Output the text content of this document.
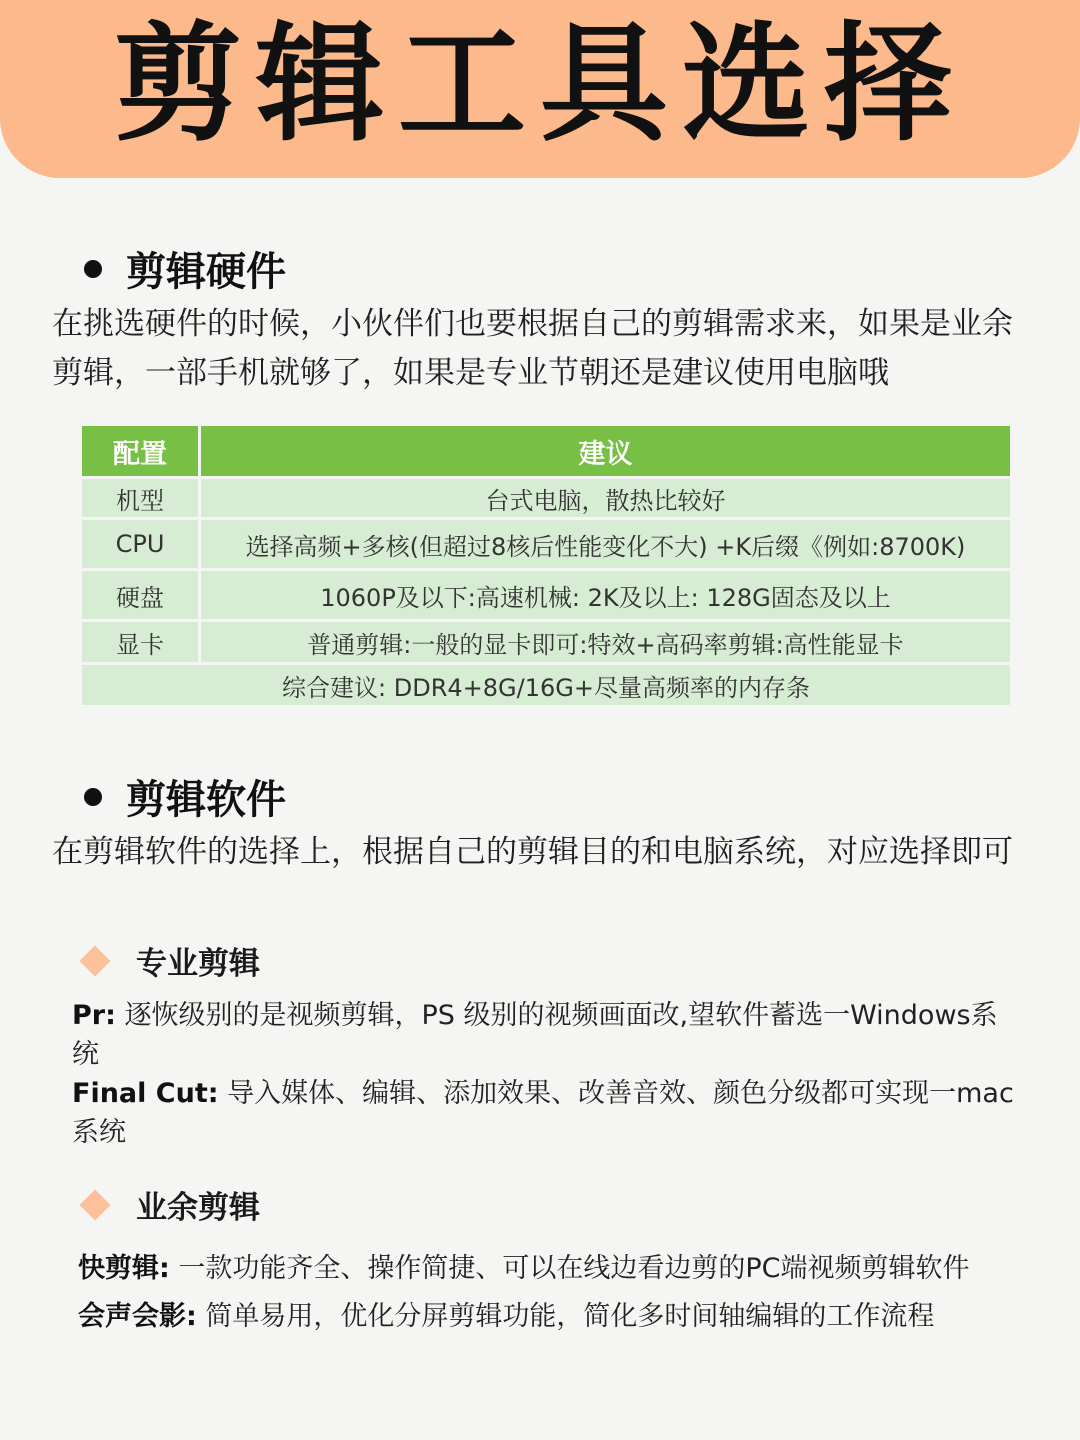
剪辑工具选择
剪辑硬件
在挑选硬件的时候，小伙伴们也要根据自己的剪辑需求来，如果是业余剪辑，一部手机就够了，如果是专业节朝还是建议使用电脑哦
配置	建议
机型	台式电脑，散热比较好
CPU	选择高频+多核(但超过8核后性能变化不大) +K后缀《例如:8700K)
硬盘	1060P及以下:高速机械: 2K及以上: 128G固态及以上
显卡	普通剪辑:一般的显卡即可:特效+高码率剪辑:高性能显卡
综合建议: DDR4+8G/16G+尽量高频率的内存条	
剪辑软件
在剪辑软件的选择上，根据自己的剪辑目的和电脑系统，对应选择即可
专业剪辑
Pr: 逐恢级别的是视频剪辑，PS 级别的视频画面改,望软件蓄选一Windows系统
Final Cut: 导入媒体、编辑、添加效果、改善音效、颜色分级都可实现一mac系统
业余剪辑
快剪辑: 一款功能齐全、操作简捷、可以在线边看边剪的PC端视频剪辑软件
会声会影: 简单易用，优化分屏剪辑功能，简化多时间轴编辑的工作流程
